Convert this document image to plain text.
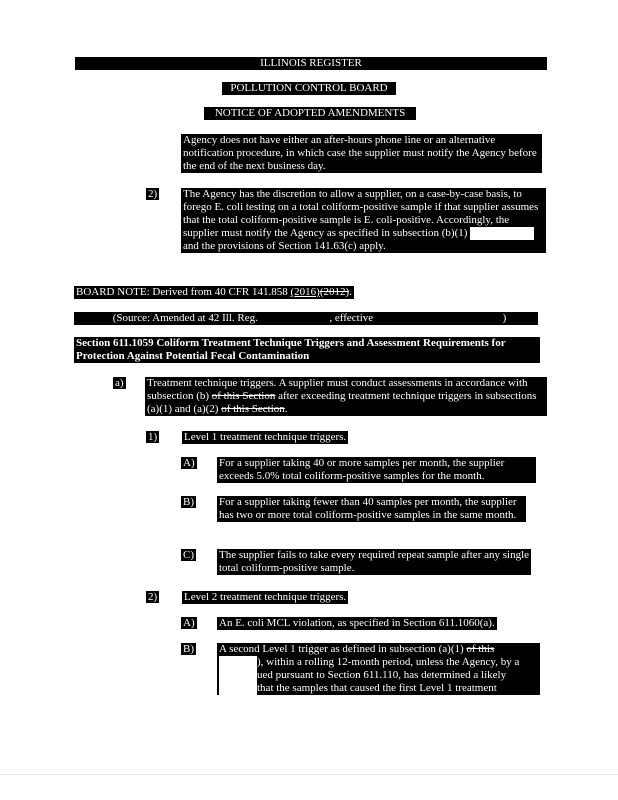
ILLINOIS REGISTER
POLLUTION CONTROL BOARD
NOTICE OF ADOPTED AMENDMENTS
Agency does not have either an after-hours phone line or an alternative notification procedure, in which case the supplier must notify the Agency before the end of the next business day.
2) The Agency has the discretion to allow a supplier, on a case-by-case basis, to forego E. coli testing on a total coliform-positive sample if that supplier assumes that the total coliform-positive sample is E. coli-positive. Accordingly, the supplier must notify the Agency as specified in subsection (b)(1)   and the provisions of Section 141.63(c) apply.
BOARD NOTE: Derived from 40 CFR 141.858 (2016)(2012).
(Source: Amended at 42 Ill. Reg.	, effective	)
Section 611.1059 Coliform Treatment Technique Triggers and Assessment Requirements for Protection Against Potential Fecal Contamination
a) Treatment technique triggers. A supplier must conduct assessments in accordance with subsection (b) of this Section after exceeding treatment technique triggers in subsections (a)(1) and (a)(2) of this Section.
1) Level 1 treatment technique triggers.
A) For a supplier taking 40 or more samples per month, the supplier exceeds 5.0% total coliform-positive samples for the month.
B) For a supplier taking fewer than 40 samples per month, the supplier has two or more total coliform-positive samples in the same month.
C) The supplier fails to take every required repeat sample after any single total coliform-positive sample.
2) Level 2 treatment technique triggers.
A) An E. coli MCL violation, as specified in Section 611.1060(a).
B) A second Level 1 trigger as defined in subsection (a)(1) of this
), within a rolling 12-month period, unless the Agency, by a
ued pursuant to Section 611.110, has determined a likely
that the samples that caused the first Level 1 treatment
